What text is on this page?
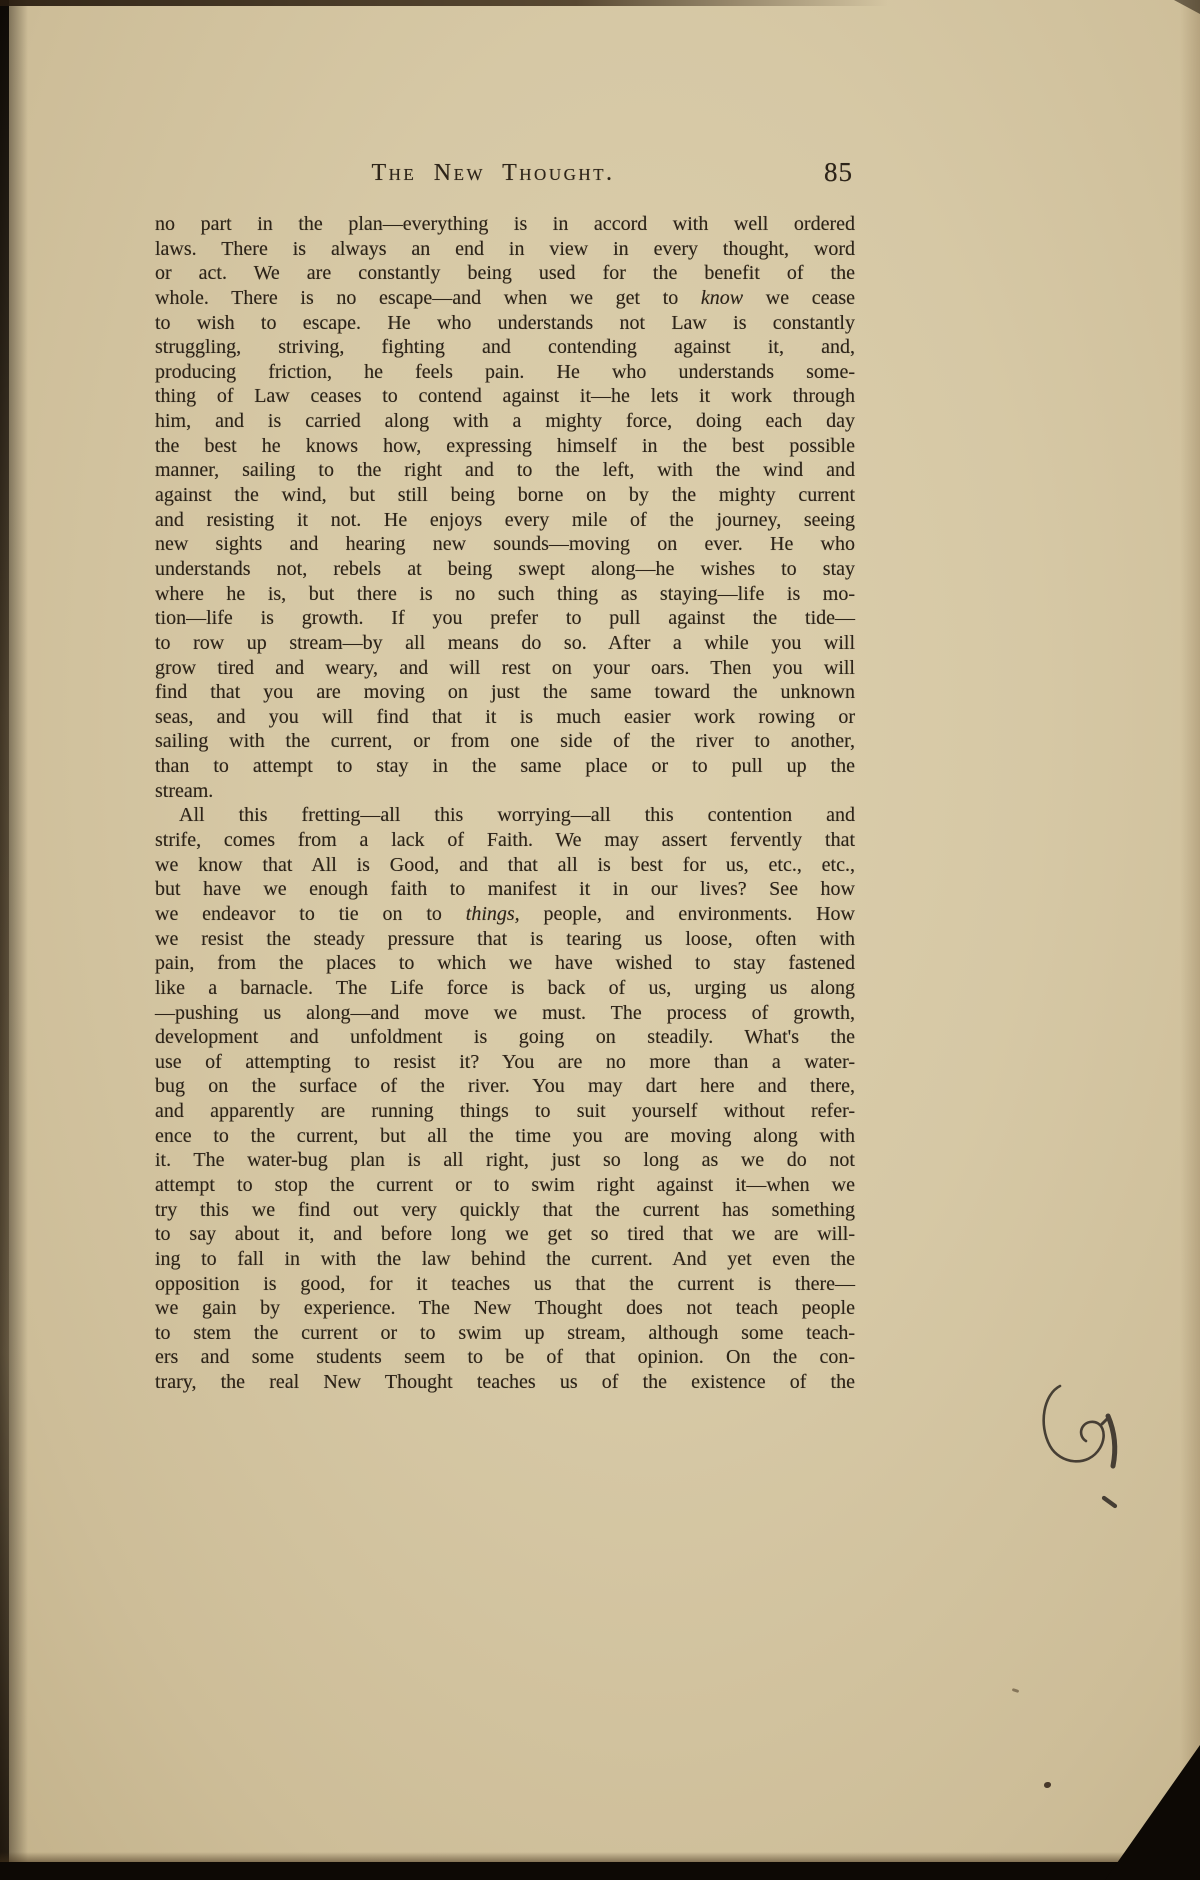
The New Thought.	85
no part in the plan—everything is in accord with well ordered
laws. There is always an end in view in every thought, word
or act. We are constantly being used for the benefit of the
whole. There is no escape—and when we get to know we cease
to wish to escape. He who understands not Law is constantly
struggling, striving, fighting and contending against it, and,
producing friction, he feels pain. He who understands some-
thing of Law ceases to contend against it—he lets it work through
him, and is carried along with a mighty force, doing each day
the best he knows how, expressing himself in the best possible
manner, sailing to the right and to the left, with the wind and
against the wind, but still being borne on by the mighty current
and resisting it not. He enjoys every mile of the journey, seeing
new sights and hearing new sounds—moving on ever. He who
understands not, rebels at being swept along—he wishes to stay
where he is, but there is no such thing as staying—life is mo-
tion—life is growth. If you prefer to pull against the tide—
to row up stream—by all means do so. After a while you will
grow tired and weary, and will rest on your oars. Then you will
find that you are moving on just the same toward the unknown
seas, and you will find that it is much easier work rowing or
sailing with the current, or from one side of the river to another,
than to attempt to stay in the same place or to pull up the
stream.
All this fretting—all this worrying—all this contention and
strife, comes from a lack of Faith. We may assert fervently that
we know that All is Good, and that all is best for us, etc., etc.,
but have we enough faith to manifest it in our lives? See how
we endeavor to tie on to things, people, and environments. How
we resist the steady pressure that is tearing us loose, often with
pain, from the places to which we have wished to stay fastened
like a barnacle. The Life force is back of us, urging us along
—pushing us along—and move we must. The process of growth,
development and unfoldment is going on steadily. What's the
use of attempting to resist it? You are no more than a water-
bug on the surface of the river. You may dart here and there,
and apparently are running things to suit yourself without refer-
ence to the current, but all the time you are moving along with
it. The water-bug plan is all right, just so long as we do not
attempt to stop the current or to swim right against it—when we
try this we find out very quickly that the current has something
to say about it, and before long we get so tired that we are will-
ing to fall in with the law behind the current. And yet even the
opposition is good, for it teaches us that the current is there—
we gain by experience. The New Thought does not teach people
to stem the current or to swim up stream, although some teach-
ers and some students seem to be of that opinion. On the con-
trary, the real New Thought teaches us of the existence of the
